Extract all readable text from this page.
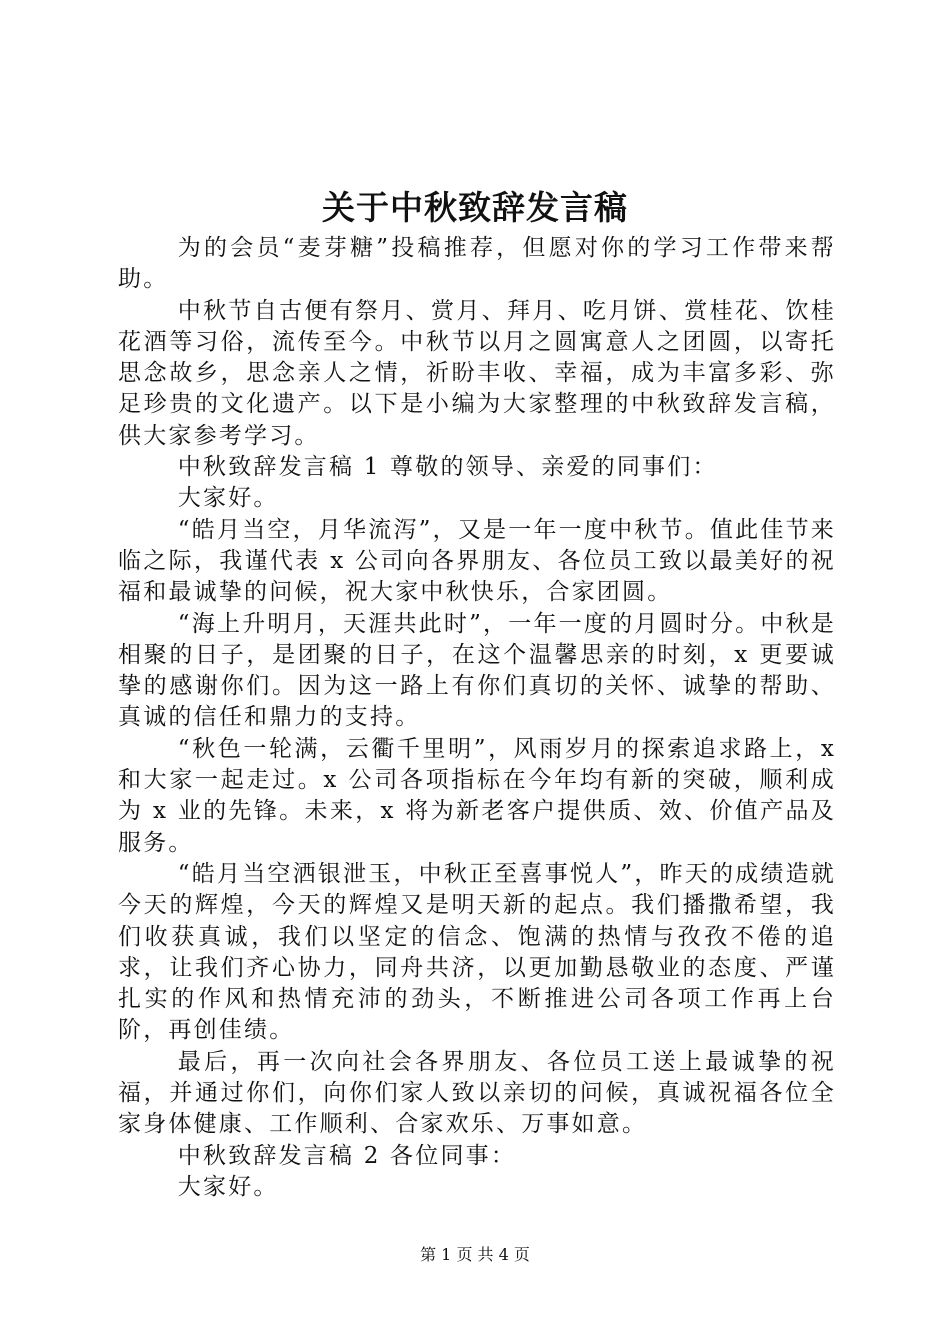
关于中秋致辞发言稿

为的会员“麦芽糖”投稿推荐，但愿对你的学习工作带来帮助。

中秋节自古便有祭月、赏月、拜月、吃月饼、赏桂花、饮桂花酒等习俗，流传至今。中秋节以月之圆寓意人之团圆，以寄托思念故乡，思念亲人之情，祈盼丰收、幸福，成为丰富多彩、弥足珍贵的文化遗产。以下是小编为大家整理的中秋致辞发言稿，供大家参考学习。

中秋致辞发言稿 1 尊敬的领导、亲爱的同事们：

大家好。

“皓月当空，月华流泻”，又是一年一度中秋节。值此佳节来临之际，我谨代表 x 公司向各界朋友、各位员工致以最美好的祝福和最诚挚的问候，祝大家中秋快乐，合家团圆。

“海上升明月，天涯共此时”，一年一度的月圆时分。中秋是相聚的日子，是团聚的日子，在这个温馨思亲的时刻，x 更要诚挚的感谢你们。因为这一路上有你们真切的关怀、诚挚的帮助、真诚的信任和鼎力的支持。

“秋色一轮满，云衢千里明”，风雨岁月的探索追求路上，x 和大家一起走过。x 公司各项指标在今年均有新的突破，顺利成为 x 业的先锋。未来，x 将为新老客户提供质、效、价值产品及服务。

“皓月当空洒银泄玉，中秋正至喜事悦人”，昨天的成绩造就今天的辉煌，今天的辉煌又是明天新的起点。我们播撒希望，我们收获真诚，我们以坚定的信念、饱满的热情与孜孜不倦的追求，让我们齐心协力，同舟共济，以更加勤恳敬业的态度、严谨扎实的作风和热情充沛的劲头，不断推进公司各项工作再上台阶，再创佳绩。

最后，再一次向社会各界朋友、各位员工送上最诚挚的祝福，并通过你们，向你们家人致以亲切的问候，真诚祝福各位全家身体健康、工作顺利、合家欢乐、万事如意。

中秋致辞发言稿 2 各位同事：

大家好。

第 1 页 共 4 页
